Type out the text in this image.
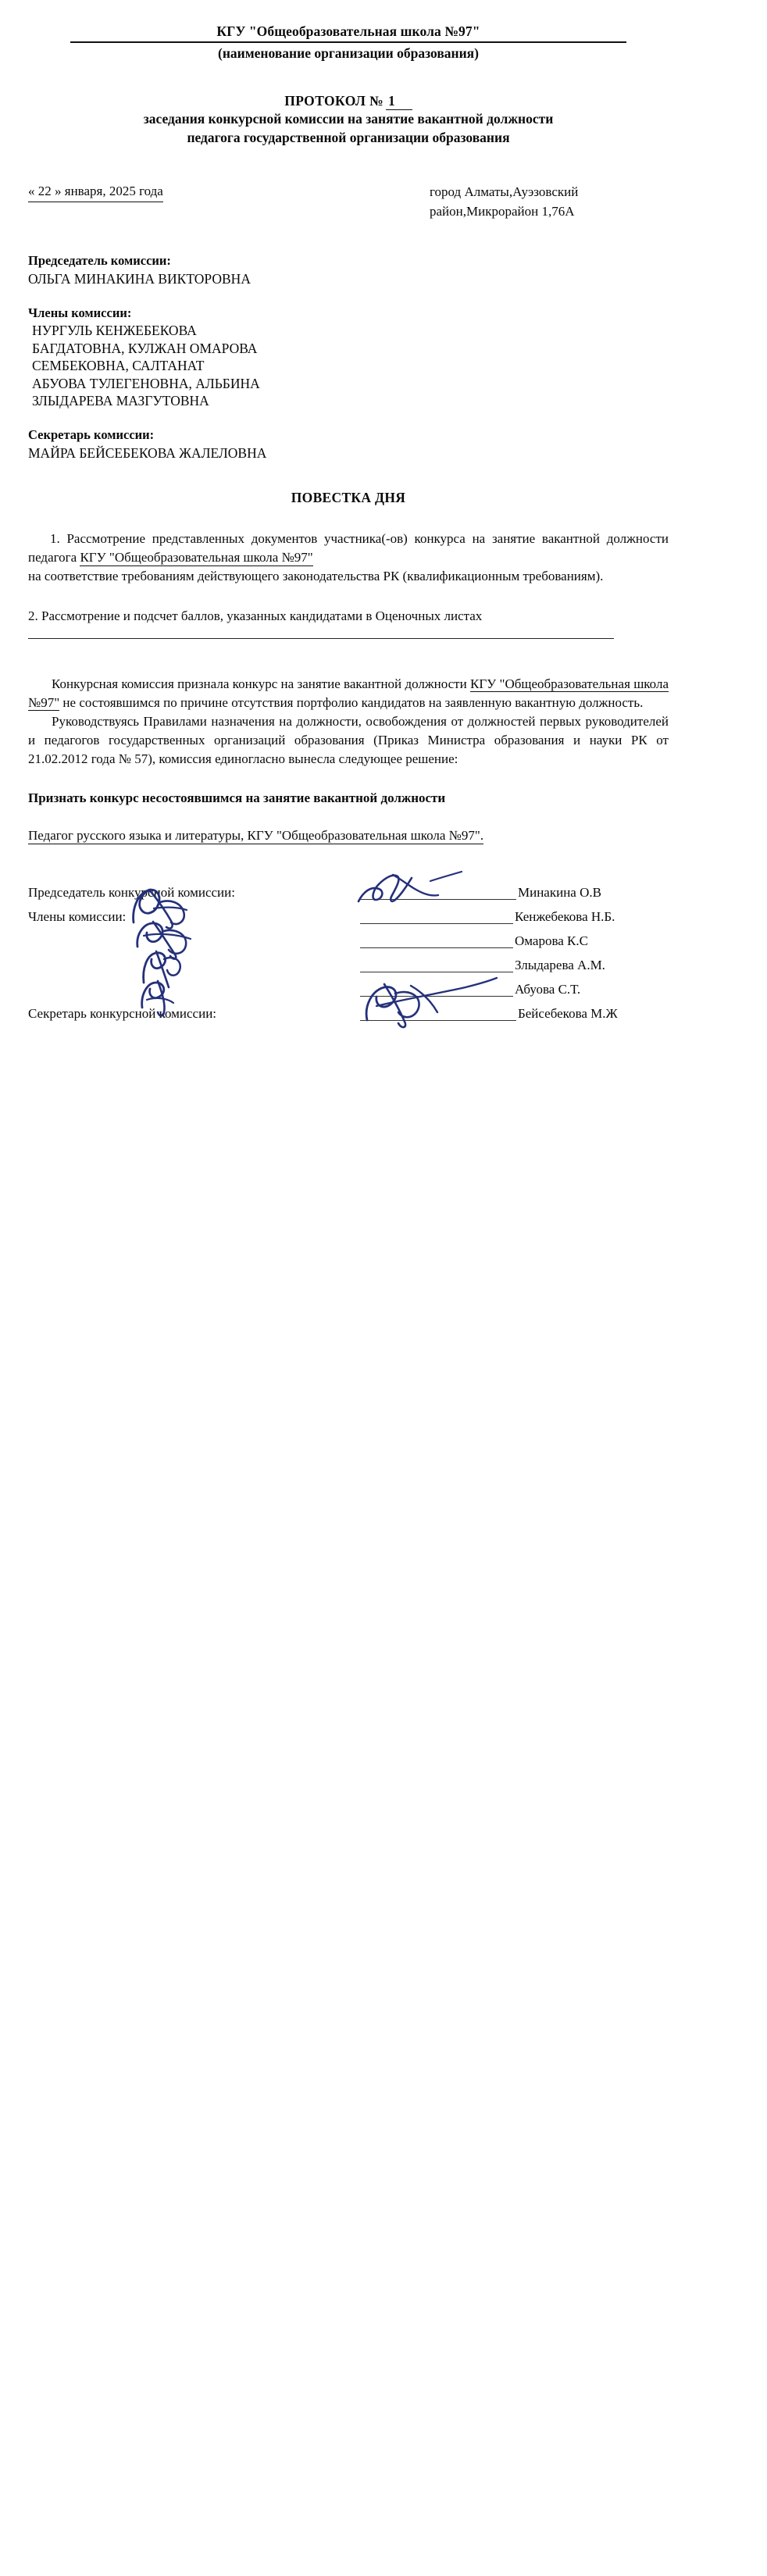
КГУ "Общеобразовательная школа №97"
(наименование организации образования)
ПРОТОКОЛ № 1
заседания конкурсной комиссии на занятие вакантной должности
педагога государственной организации образования
« 22 » января, 2025 года	город Алматы,Ауэзовский
район,Микрорайон 1,76А
Председатель комиссии:
ОЛЬГА МИНАКИНА ВИКТОРОВНА
Члены комиссии:
НУРГУЛЬ КЕНЖЕБЕКОВА
БАГДАТОВНА, КУЛЖАН ОМАРОВА
СЕМБЕКОВНА, САЛТАНАТ
АБУОВА ТУЛЕГЕНОВНА, АЛЬБИНА
ЗЛЫДАРЕВА МАЗГУТОВНА
Секретарь комиссии:
МАЙРА БЕЙСЕБЕКОВА ЖАЛЕЛОВНА
ПОВЕСТКА ДНЯ

1. Рассмотрение представленных документов участника(-ов) конкурса на занятие вакантной должности педагога КГУ "Общеобразовательная школа №97"
на соответствие требованиям действующего законодательства РК (квалификационным требованиям).

2. Рассмотрение и подсчет баллов, указанных кандидатами в Оценочных листах

Конкурсная комиссия признала конкурс на занятие вакантной должности КГУ "Общеобразовательная школа №97" не состоявшимся по причине отсутствия портфолио кандидатов на заявленную вакантную должность.

Руководствуясь Правилами назначения на должности, освобождения от должностей первых руководителей и педагогов государственных организаций образования (Приказ Министра образования и науки РК от 21.02.2012 года № 57), комиссия единогласно вынесла следующее решение:

Признать конкурс несостоявшимся на занятие вакантной должности
Педагог русского языка и литературы, КГУ "Общеобразовательная школа №97".
Председатель конкурсной комиссии:	Минакина О.В
Члены комиссии:	Кенжебекова Н.Б.
Омарова К.С
Злыдарева А.М.
Абуова С.Т.
Секретарь конкурсной комиссии:	Бейсебекова М.Ж
